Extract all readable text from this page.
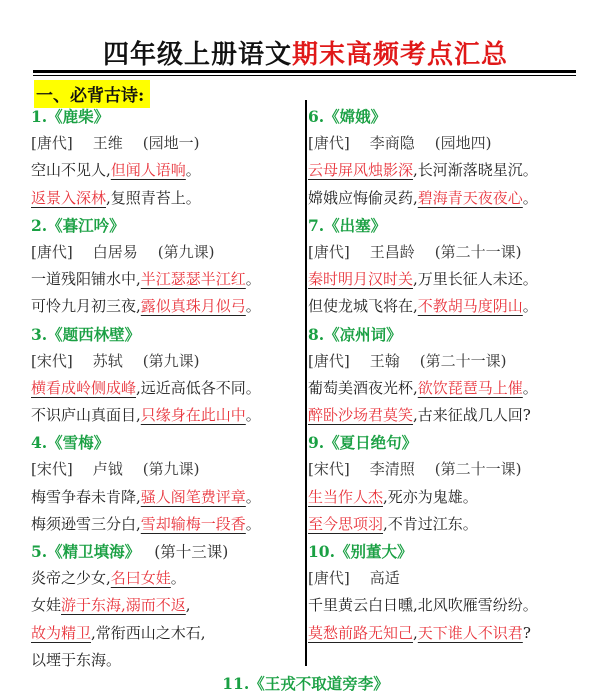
四年级上册语文期末高频考点汇总
一、必背古诗:
1.《鹿柴》
[唐代] 王维 (园地一)
空山不见人,但闻人语响。
返景入深林,复照青苔上。
2.《暮江吟》
[唐代] 白居易 (第九课)
一道残阳铺水中,半江瑟瑟半江红。
可怜九月初三夜,露似真珠月似弓。
3.《题西林壁》
[宋代] 苏轼 (第九课)
横看成岭侧成峰,远近高低各不同。
不识庐山真面目,只缘身在此山中。
4.《雪梅》
[宋代] 卢钺 (第九课)
梅雪争春未肯降,骚人阁笔费评章。
梅须逊雪三分白,雪却输梅一段香。
5.《精卫填海》 (第十三课)
炎帝之少女,名曰女娃。
女娃游于东海,溺而不返,
故为精卫,常衔西山之木石,
以堙于东海。
6.《嫦娥》
[唐代] 李商隐 (园地四)
云母屏风烛影深,长河渐落晓星沉。
嫦娥应悔偷灵药,碧海青天夜夜心。
7.《出塞》
[唐代] 王昌龄 (第二十一课)
秦时明月汉时关,万里长征人未还。
但使龙城飞将在,不教胡马度阴山。
8.《凉州词》
[唐代] 王翰 (第二十一课)
葡萄美酒夜光杯,欲饮琵琶马上催。
醉卧沙场君莫笑,古来征战几人回?
9.《夏日绝句》
[宋代] 李清照 (第二十一课)
生当作人杰,死亦为鬼雄。
至今思项羽,不肯过江东。
10.《别董大》
[唐代] 高适
千里黄云白日曛,北风吹雁雪纷纷。
莫愁前路无知己,天下谁人不识君?
11.《王戎不取道旁李》
